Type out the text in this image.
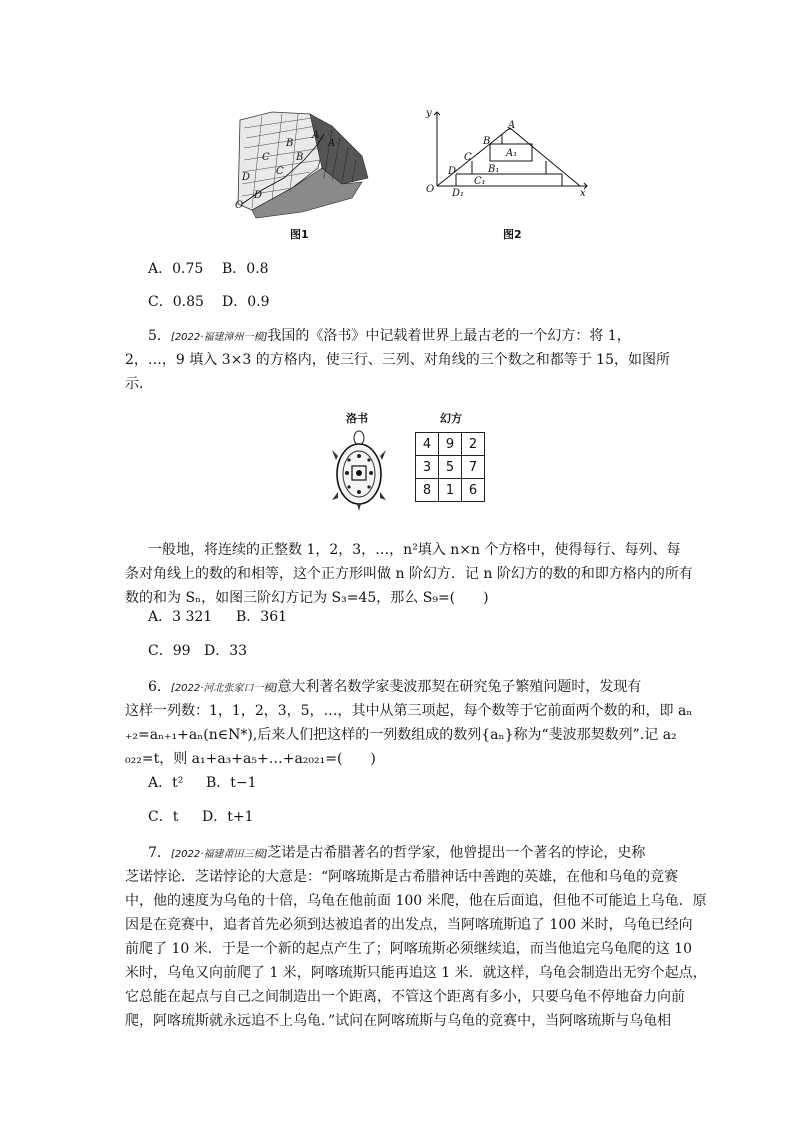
A
B
C
D
O
A
B
C
D
图1
y
x
O
A
B
C
D
A₁
B₁
C₁
D₁
图2
A．0.75 B．0.8
C．0.85 D．0.9
5．[2022·福建漳州一模]我国的《洛书》中记载着世界上最古老的一个幻方：将 1，
2，…，9 填入 3×3 的方格内，使三行、三列、对角线的三个数之和都等于 15，如图所
示．
洛书	幻方
4	9	2
3	5	7
8	1	6
一般地，将连续的正整数 1，2，3，…，n²填入 n×n 个方格中，使得每行、每列、每
条对角线上的数的和相等，这个正方形叫做 n 阶幻方．记 n 阶幻方的数的和即方格内的所有
数的和为 Sₙ，如图三阶幻方记为 S₃=45，那么 S₉=(　　)
A．3 321 B．361
C．99 D．33
6．[2022·河北张家口一模]意大利著名数学家斐波那契在研究兔子繁殖问题时，发现有
这样一列数：1，1，2，3，5，…，其中从第三项起，每个数等于它前面两个数的和，即 aₙ
₊₂=aₙ₊₁+aₙ(n∈N*),后来人们把这样的一列数组成的数列{aₙ}称为“斐波那契数列”.记 a₂
₀₂₂=t，则 a₁+a₃+a₅+…+a₂₀₂₁=(　　)
A．t² B．t−1
C．t D．t+1
7．[2022·福建莆田三模]芝诺是古希腊著名的哲学家，他曾提出一个著名的悖论，史称
芝诺悖论．芝诺悖论的大意是：“阿喀琉斯是古希腊神话中善跑的英雄，在他和乌龟的竞赛
中，他的速度为乌龟的十倍，乌龟在他前面 100 米爬，他在后面追，但他不可能追上乌龟．原
因是在竞赛中，追者首先必须到达被追者的出发点，当阿喀琉斯追了 100 米时，乌龟已经向
前爬了 10 米．于是一个新的起点产生了；阿喀琉斯必须继续追，而当他追完乌龟爬的这 10
米时，乌龟又向前爬了 1 米，阿喀琉斯只能再追这 1 米．就这样，乌龟会制造出无穷个起点，
它总能在起点与自己之间制造出一个距离，不管这个距离有多小，只要乌龟不停地奋力向前
爬，阿喀琉斯就永远追不上乌龟．”试问在阿喀琉斯与乌龟的竞赛中，当阿喀琉斯与乌龟相
